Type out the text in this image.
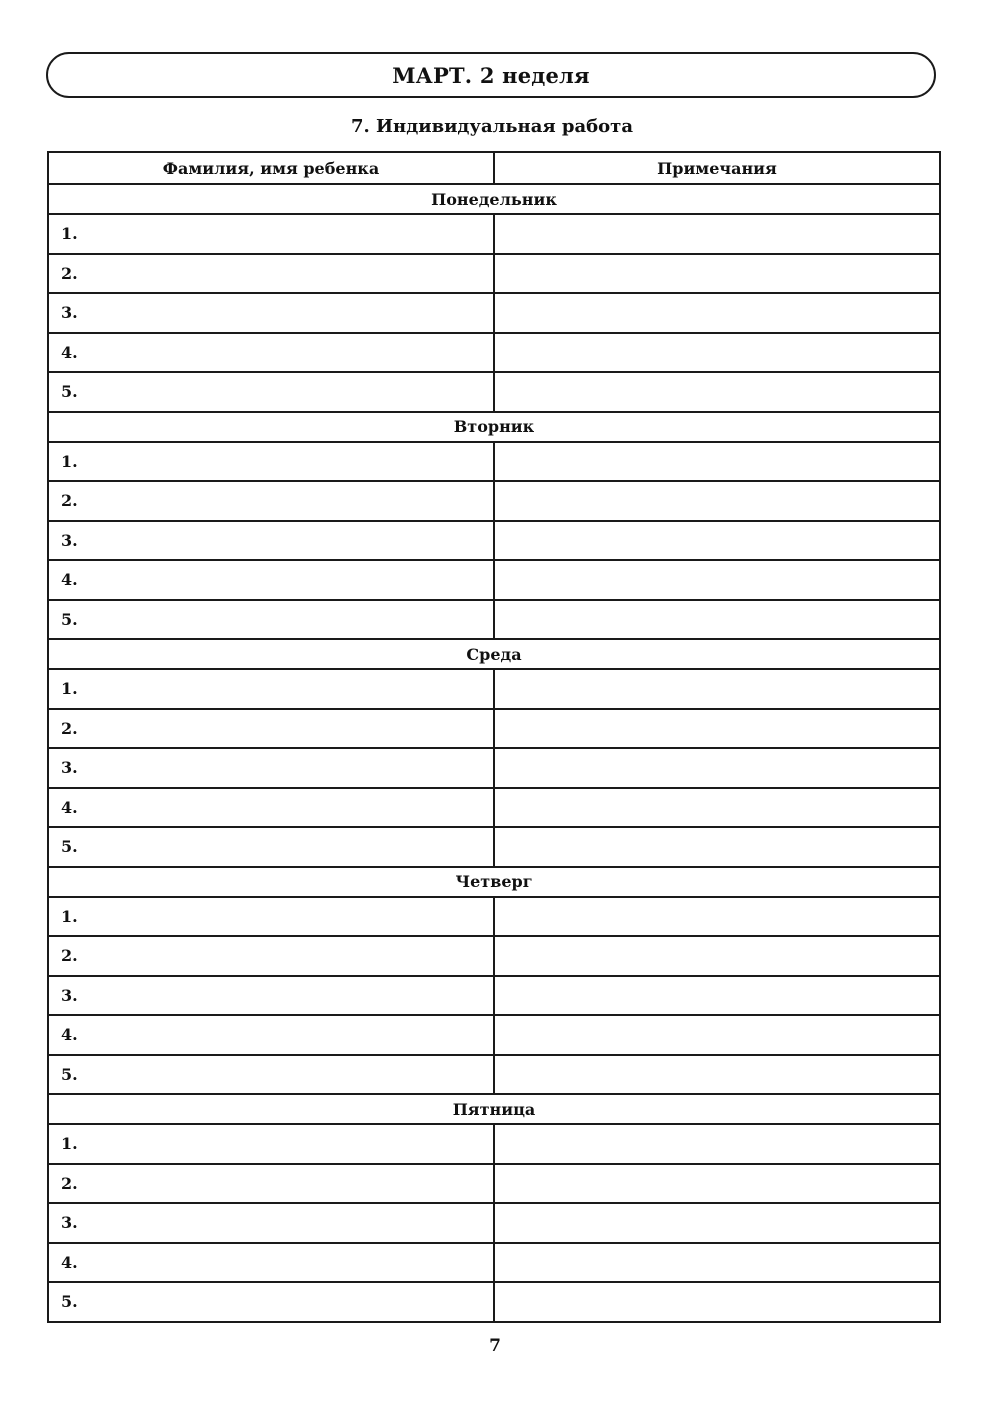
МАРТ. 2 неделя
7. Индивидуальная работа
Фамилия, имя ребенка	Примечания
Понедельник	
1.	
2.	
3.	
4.	
5.	
Вторник	
1.	
2.	
3.	
4.	
5.	
Среда	
1.	
2.	
3.	
4.	
5.	
Четверг	
1.	
2.	
3.	
4.	
5.	
Пятница	
1.	
2.	
3.	
4.	
5.	
7
